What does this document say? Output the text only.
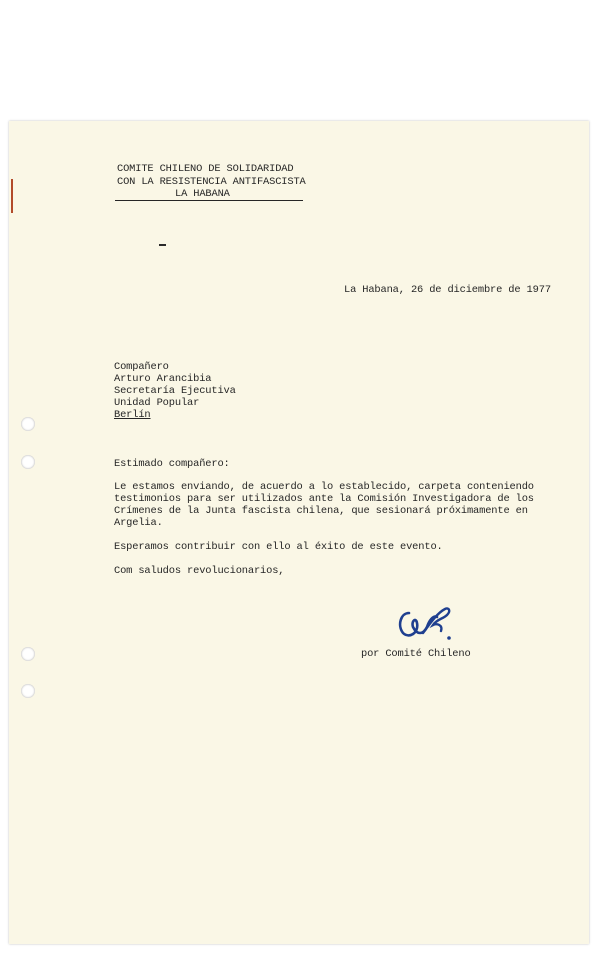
COMITE CHILENO DE SOLIDARIDAD
CON LA RESISTENCIA ANTIFASCISTA
LA HABANA
La Habana, 26 de diciembre de 1977
Compañero
Arturo Arancibia
Secretaría Ejecutiva
Unidad Popular
Berlín
Estimado compañero:
Le estamos enviando, de acuerdo a lo establecido, carpeta conteniendo
testimonios para ser utilizados ante la Comisión Investigadora de los
Crímenes de la Junta fascista chilena, que sesionará próximamente en
Argelia.
Esperamos contribuir con ello al éxito de este evento.
Com saludos revolucionarios,
por Comité Chileno
